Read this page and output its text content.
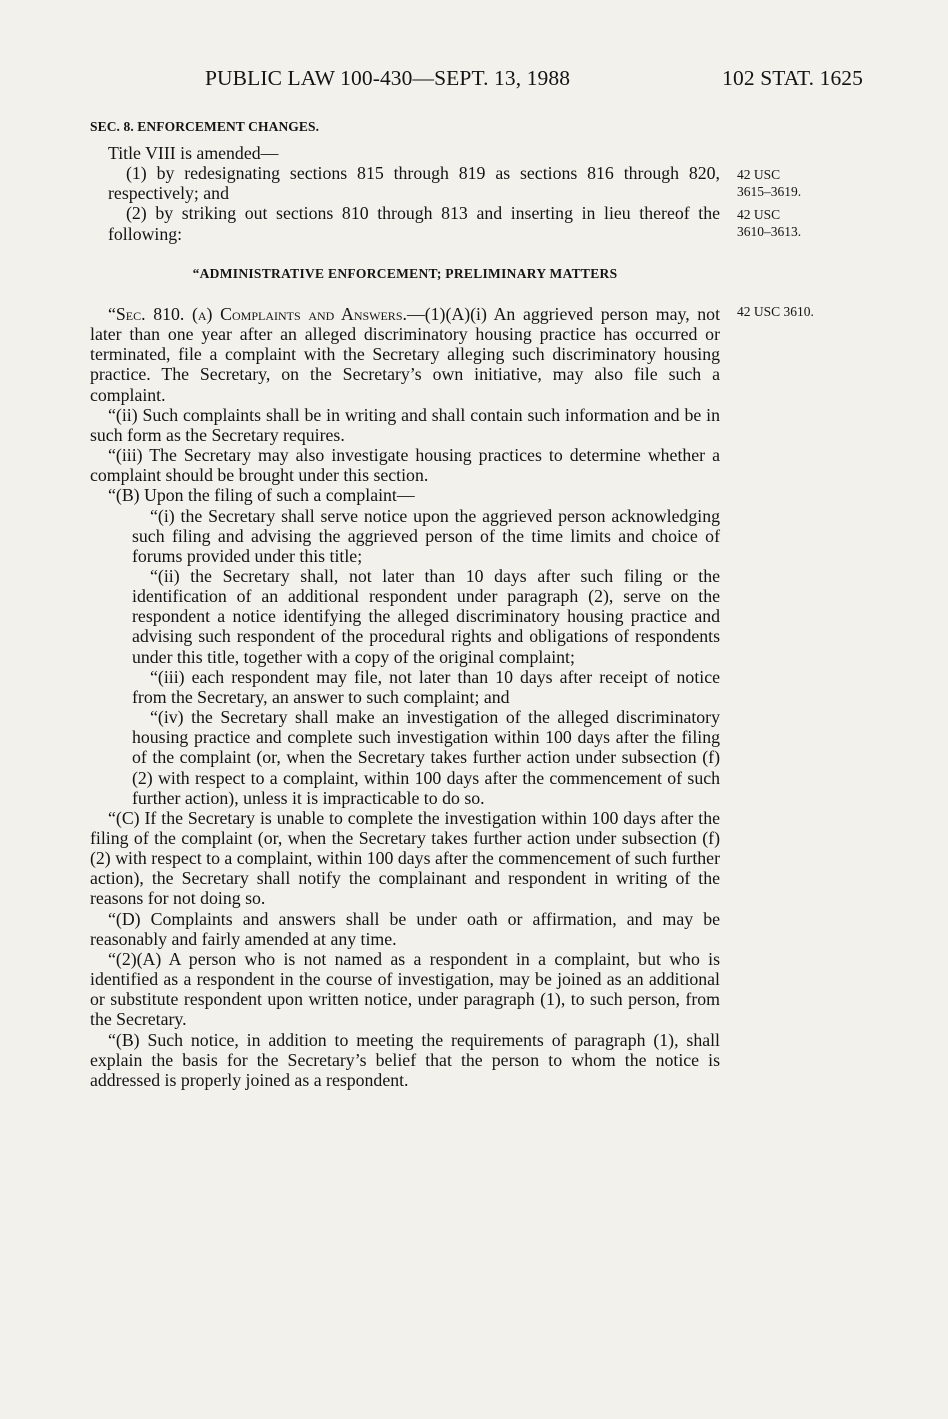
PUBLIC LAW 100-430—SEPT. 13, 1988	102 STAT. 1625
SEC. 8. ENFORCEMENT CHANGES.

Title VIII is amended—

(1) by redesignating sections 815 through 819 as sections 816 through 820, respectively; and

(2) by striking out sections 810 through 813 and inserting in lieu thereof the following:

“ADMINISTRATIVE ENFORCEMENT; PRELIMINARY MATTERS

“Sec. 810. (a) Complaints and Answers.—(1)(A)(i) An aggrieved person may, not later than one year after an alleged discriminatory housing practice has occurred or terminated, file a complaint with the Secretary alleging such discriminatory housing practice. The Secretary, on the Secretary’s own initiative, may also file such a complaint.

“(ii) Such complaints shall be in writing and shall contain such information and be in such form as the Secretary requires.

“(iii) The Secretary may also investigate housing practices to determine whether a complaint should be brought under this section.

“(B) Upon the filing of such a complaint—

“(i) the Secretary shall serve notice upon the aggrieved person acknowledging such filing and advising the aggrieved person of the time limits and choice of forums provided under this title;

“(ii) the Secretary shall, not later than 10 days after such filing or the identification of an additional respondent under paragraph (2), serve on the respondent a notice identifying the alleged discriminatory housing practice and advising such respondent of the procedural rights and obligations of respondents under this title, together with a copy of the original complaint;

“(iii) each respondent may file, not later than 10 days after receipt of notice from the Secretary, an answer to such complaint; and

“(iv) the Secretary shall make an investigation of the alleged discriminatory housing practice and complete such investigation within 100 days after the filing of the complaint (or, when the Secretary takes further action under subsection (f)(2) with respect to a complaint, within 100 days after the commencement of such further action), unless it is impracticable to do so.

“(C) If the Secretary is unable to complete the investigation within 100 days after the filing of the complaint (or, when the Secretary takes further action under subsection (f)(2) with respect to a complaint, within 100 days after the commencement of such further action), the Secretary shall notify the complainant and respondent in writing of the reasons for not doing so.

“(D) Complaints and answers shall be under oath or affirmation, and may be reasonably and fairly amended at any time.

“(2)(A) A person who is not named as a respondent in a complaint, but who is identified as a respondent in the course of investigation, may be joined as an additional or substitute respondent upon written notice, under paragraph (1), to such person, from the Secretary.

“(B) Such notice, in addition to meeting the requirements of paragraph (1), shall explain the basis for the Secretary’s belief that the person to whom the notice is addressed is properly joined as a respondent.

42 USC
3615–3619.
42 USC
3610–3613.
42 USC 3610.
